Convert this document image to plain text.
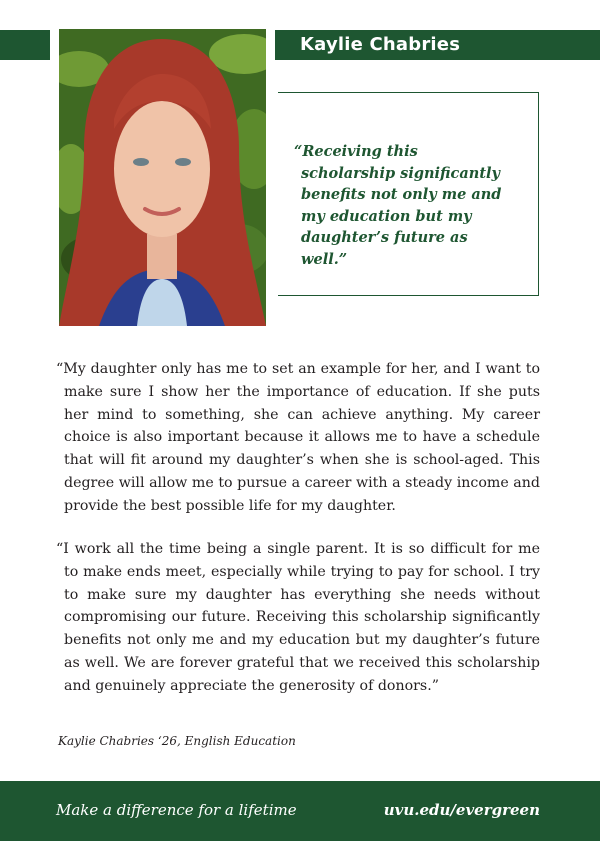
Kaylie Chabries
“Receiving this scholarship significantly benefits not only me and my education but my daughter’s future as well.”
“My daughter only has me to set an example for her, and I want to make sure I show her the importance of education. If she puts her mind to something, she can achieve anything. My career choice is also important because it allows me to have a schedule that will fit around my daughter’s when she is school-aged. This degree will allow me to pursue a career with a steady income and provide the best possible life for my daughter.
“I work all the time being a single parent. It is so difficult for me to make ends meet, especially while trying to pay for school. I try to make sure my daughter has everything she needs without compromising our future. Receiving this scholarship significantly benefits not only me and my education but my daughter’s future as well. We are forever grateful that we received this scholarship and genuinely appreciate the generosity of donors.”
Kaylie Chabries ‘26, English Education
Make a difference for a lifetime	uvu.edu/evergreen
